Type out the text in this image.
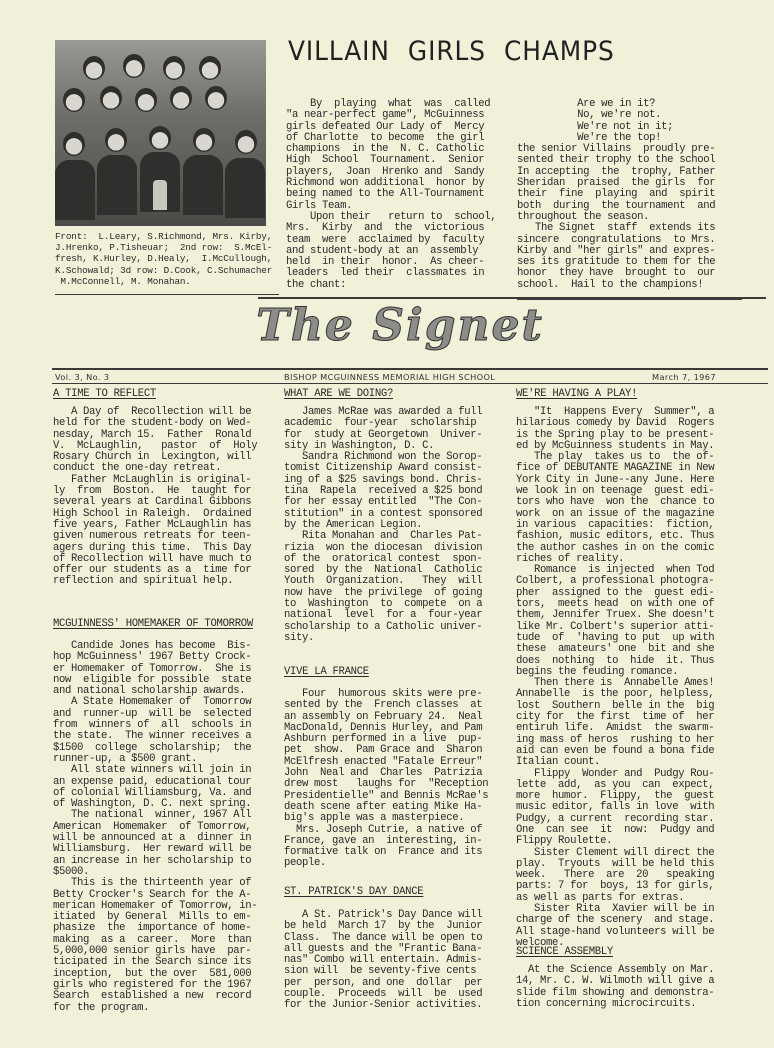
Front:  L.Leary, S.Richmond, Mrs. Kirby,
J.Hrenko, P.Tisheuar;  2nd row:  S.McEl-
fresh, K.Hurley, D.Healy,  I.McCullough,
K.Schowald; 3d row: D.Cook, C.Schumacher
M.McConnell, M. Monahan.
VILLAIN GIRLS CHAMPS
By  playing  what  was  called
"a near-perfect game", McGuinness
girls defeated Our Lady of  Mercy
of Charlotte  to become  the girl
champions  in the  N. C. Catholic
High  School  Tournament.  Senior
players,  Joan  Hrenko and  Sandy
Richmond won additional  honor by
being named to the All-Tournament
Girls Team.
Upon their   return to  school,
Mrs.  Kirby  and  the  victorious
team  were  acclaimed by  faculty
and student-body at an  assembly
held  in their  honor.  As cheer-
leaders  led their  classmates in
the chant:
Are we in it?
No, we're not.
We're not in it;
We're the top!
the senior Villains  proudly pre-
sented their trophy to the school
In accepting  the  trophy, Father
Sheridan  praised  the girls  for
their  fine  playing  and  spirit
both  during  the tournament  and
throughout the season.
The Signet  staff  extends its
sincere  congratulations  to Mrs.
Kirby and "her girls" and expres-
ses its gratitude to them for the
honor  they have  brought to  our
school.  Hail to the champions!
The Signet
Vol. 3, No. 3	BISHOP MCGUINNESS MEMORIAL HIGH SCHOOL	March 7, 1967
A TIME TO REFLECT
A Day of  Recollection will be
held for the student-body on Wed-
nesday, March 15.  Father  Ronald
V.  McLaughlin,   pastor  of  Holy
Rosary Church in  Lexington, will
conduct the one-day retreat.
Father McLaughlin is original-
ly  from  Boston.  He  taught for
several years at Cardinal Gibbons
High School in Raleigh.  Ordained
five years, Father McLaughlin has
given numerous retreats for teen-
agers during this time.  This Day
of Recollection will have much to
offer our students as a  time for
reflection and spiritual help.
MCGUINNESS' HOMEMAKER OF TOMORROW
Candide Jones has become  Bis-
hop McGuinness' 1967 Betty Crock-
er Homemaker of Tomorrow.  She is
now  eligible for possible  state
and national scholarship awards.
A State Homemaker of  Tomorrow
and  runner-up  will be  selected
from  winners of  all  schools in
the state.  The winner receives a
$1500  college  scholarship;  the
runner-up, a $500 grant.
All state winners will join in
an expense paid, educational tour
of colonial Williamsburg, Va. and
of Washington, D. C. next spring.
The national  winner, 1967 All
American  Homemaker  of Tomorrow,
will be announced at a  dinner in
Williamsburg.  Her reward will be
an increase in her scholarship to
$5000.
This is the thirteenth year of
Betty Crocker's Search for the A-
merican Homemaker of Tomorrow, in-
itiated  by General  Mills to em-
phasize  the  importance of home-
making  as a  career.  More  than
5,000,000 senior girls have  par-
ticipated in the Search since its
inception,  but the over  581,000
girls who registered for the 1967
Search  established a new  record
for the program.
WHAT ARE WE DOING?
James McRae was awarded a full
academic  four-year  scholarship
for  study at Georgetown  Univer-
sity in Washington, D. C.
Sandra Richmond won the Sorop-
tomist Citizenship Award consist-
ing of a $25 savings bond. Chris-
tina  Rapela  received a $25 bond
for her essay entitled  "The Con-
stitution" in a contest sponsored
by the American Legion.
Rita Monahan and  Charles Pat-
rizia  won the diocesan  division
of the  oratorical contest  spon-
sored  by the  National  Catholic
Youth  Organization.   They  will
now have  the privilege  of going
to  Washington  to  compete  on a
national  level  for a  four-year
scholarship to a Catholic univer-
sity.
VIVE LA FRANCE
Four  humorous skits were pre-
sented by the  French classes  at
an assembly on February 24.  Neal
MacDonald, Dennis Hurley, and Pam
Ashburn performed in a live  pup-
pet  show.  Pam Grace and  Sharon
McElfresh enacted "Fatale Erreur"
John  Neal and  Charles  Patrizia
drew most   laughs for  "Reception
Presidentielle" and Bennis McRae's
death scene after eating Mike Ha-
big's apple was a masterpiece.
Mrs. Joseph Cutrie, a native of
France, gave an  interesting, in-
formative talk on  France and its
people.
ST. PATRICK'S DAY DANCE
A St. Patrick's Day Dance will
be held  March 17  by the  Junior
Class.  The dance will be open to
all guests and the "Frantic Bana-
nas" Combo will entertain. Admis-
sion will  be seventy-five cents
per  person, and one  dollar  per
couple.  Proceeds  will  be  used
for the Junior-Senior activities.
WE'RE HAVING A PLAY!
"It  Happens Every  Summer", a
hilarious comedy by David  Rogers
is the Spring play to be present-
ed by McGuinness students in May.
The play  takes us to  the of-
fice of DEBUTANTE MAGAZINE in New
York City in June--any June. Here
we look in on teenage  guest edi-
tors who have  won the  chance to
work  on an issue of the magazine
in various  capacities:  fiction,
fashion, music editors, etc. Thus
the author cashes in on the comic
riches of reality.
Romance  is injected  when Tod
Colbert, a professional photogra-
pher  assigned to the  guest edi-
tors,  meets head  on with one of
them, Jennifer Truex. She doesn't
like Mr. Colbert's superior atti-
tude  of  'having to put  up with
these  amateurs' one  bit and she
does  nothing  to  hide  it. Thus
begins the feuding romance.
Then there is  Annabelle Ames!
Annabelle  is the poor, helpless,
lost  Southern  belle in the  big
city for  the first  time of  her
entiruh life.  Amidst  the swarm-
ing mass of heros  rushing to her
aid can even be found a bona fide
Italian count.
Flippy  Wonder and  Pudgy Rou-
lette  add,  as you  can  expect,
more  humor.  Flippy,  the  guest
music editor, falls in love  with
Pudgy, a current  recording star.
One  can see  it  now:  Pudgy and
Flippy Roulette.
Sister Clement will direct the
play.  Tryouts  will be held this
week.   There  are  20   speaking
parts: 7 for  boys, 13 for girls,
as well as parts for extras.
Sister Rita  Xavier will be in
charge of the scenery  and stage.
All stage-hand volunteers will be
welcome.
SCIENCE ASSEMBLY
At the Science Assembly on Mar.
14, Mr. C. W. Wilmoth will give a
slide film showing and demonstra-
tion concerning microcircuits.
